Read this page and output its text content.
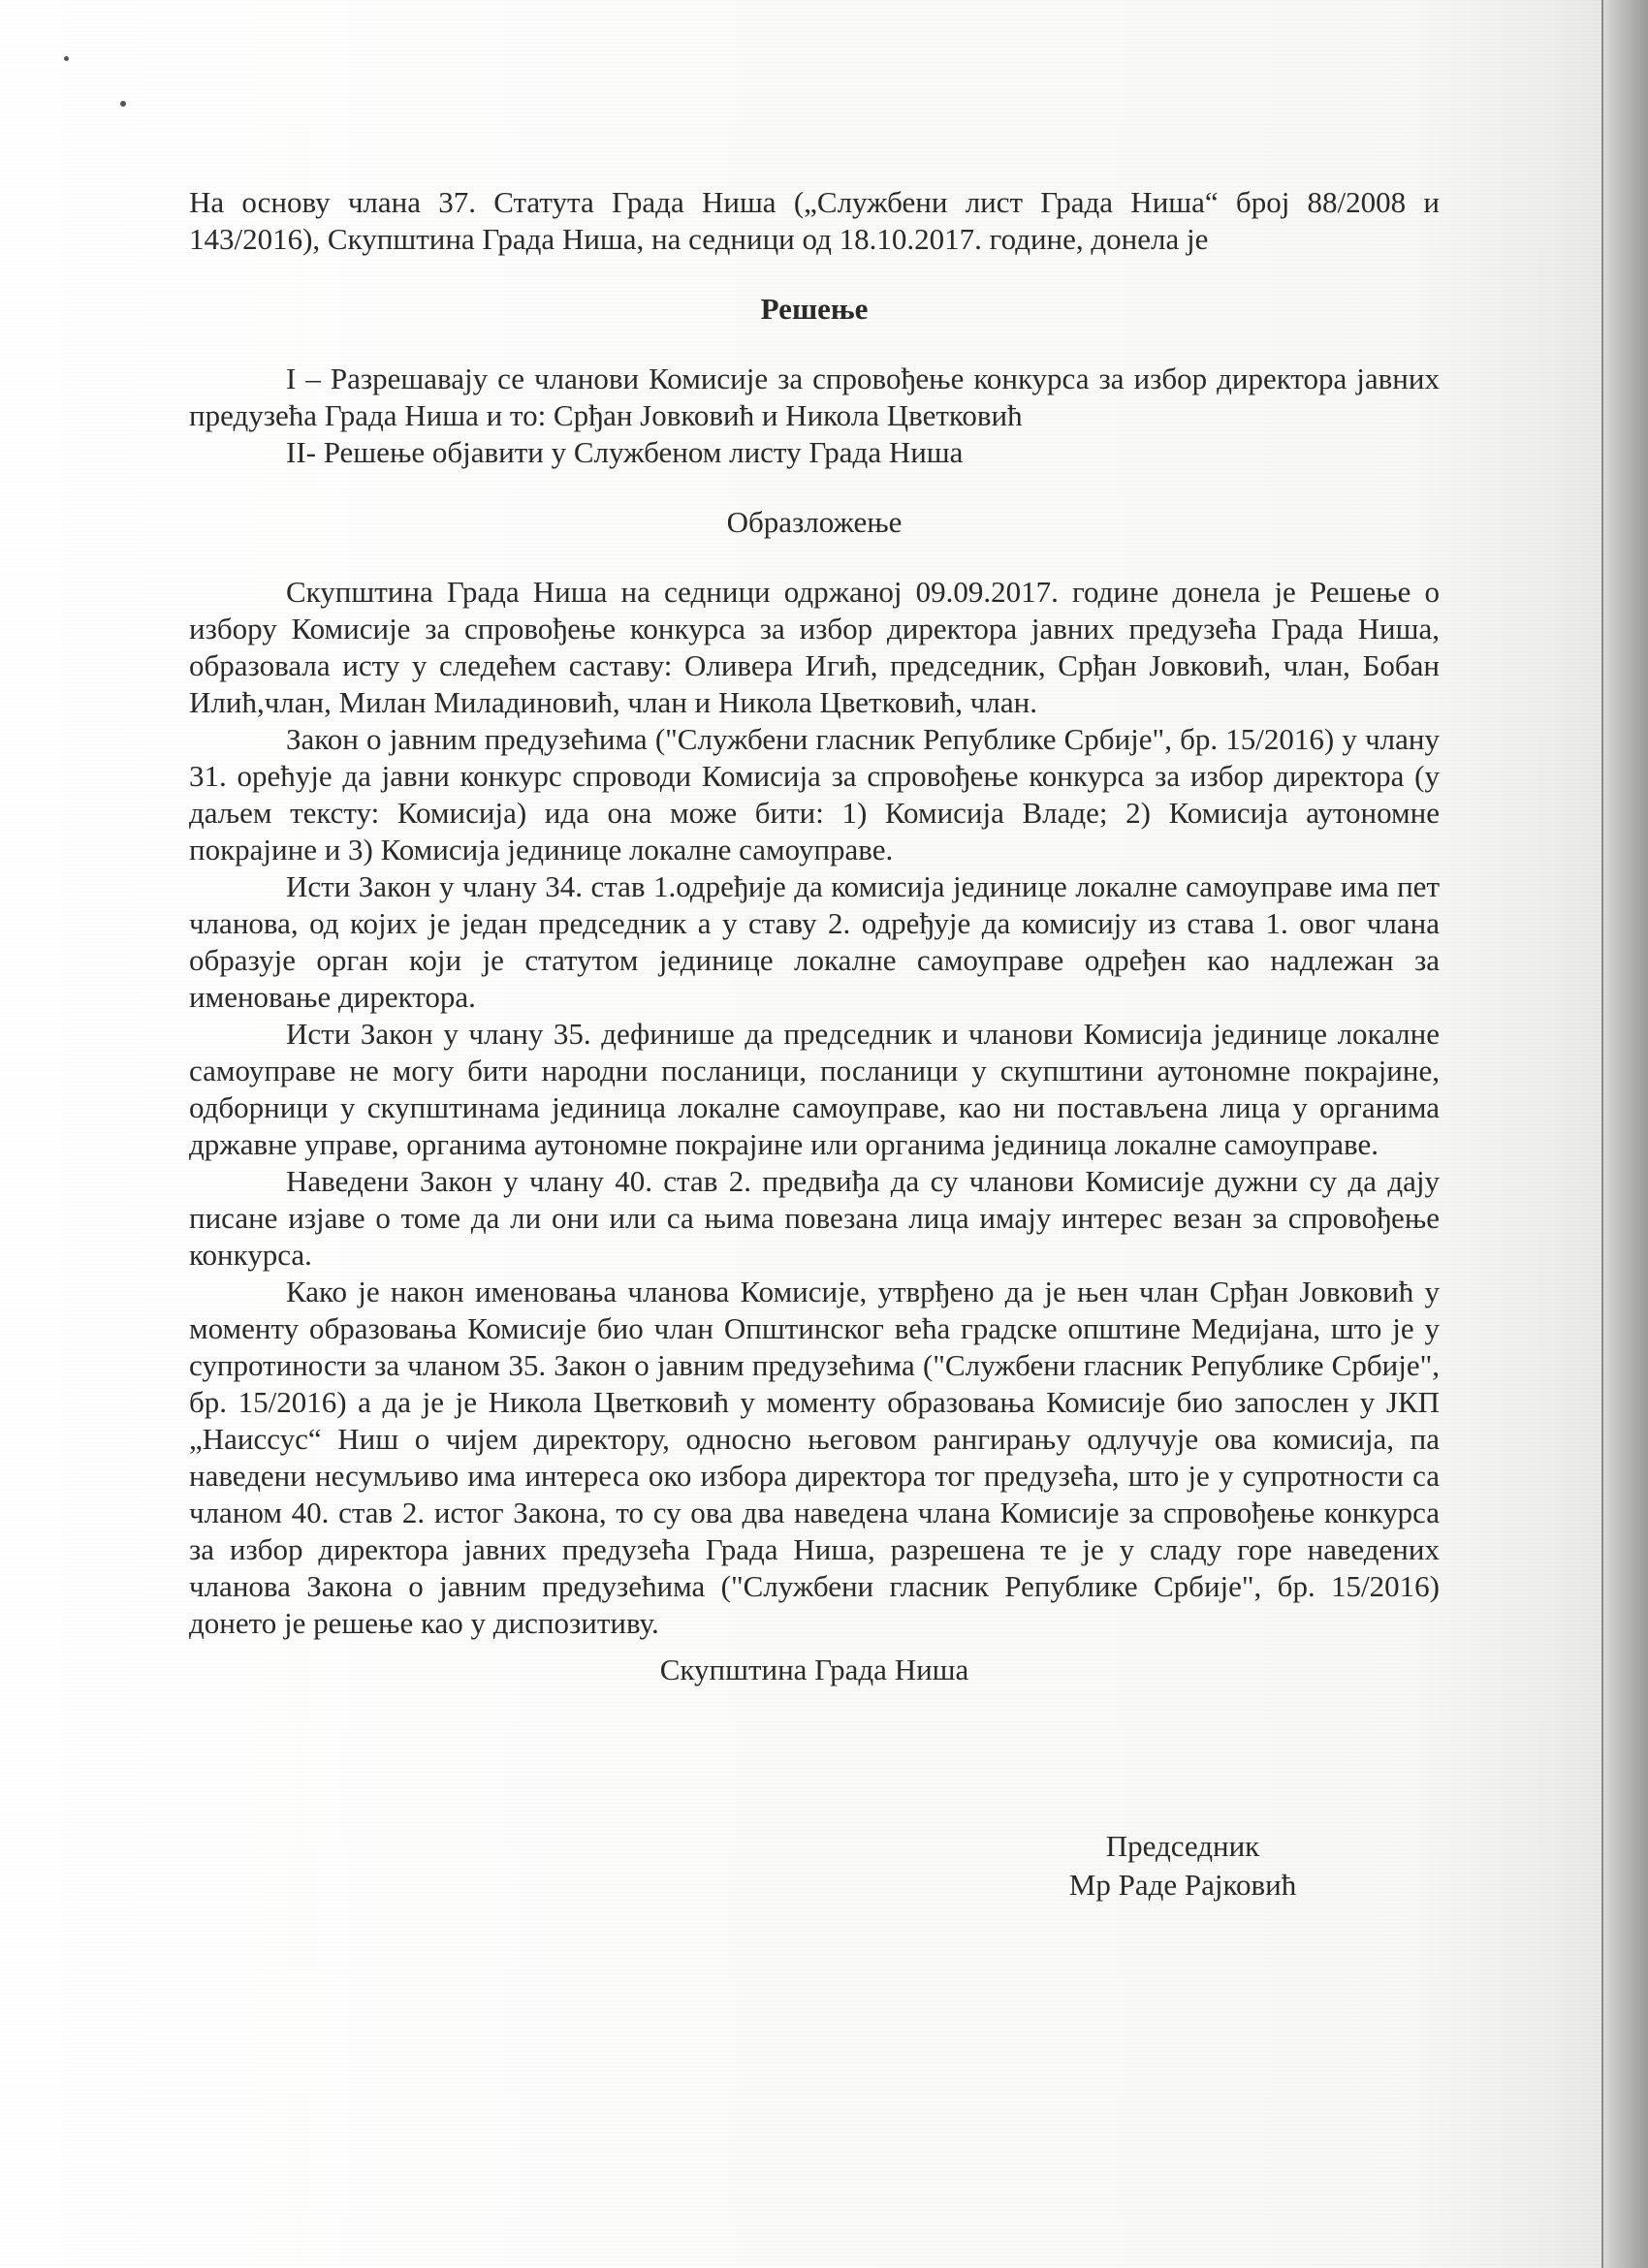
На основу члана 37. Статута Града Ниша („Службени лист Града Ниша“ број 88/2008 и 143/2016), Скупштина Града Ниша, на седници од 18.10.2017. године, донела је

Решење

I – Разрешавају се чланови Комисије за спровођење конкурса за избор директора јавних предузећа Града Ниша и то: Срђан Јовковић и Никола Цветковић

II- Решење објавити у Службеном листу Града Ниша

Образложење

Скупштина Града Ниша на седници одржаној 09.09.2017. године донела је Решење о избору Комисије за спровођење конкурса за избор директора јавних предузећа Града Ниша, образовала исту у следећем саставу: Оливера Игић, председник, Срђан Јовковић, члан, Бобан Илић,члан, Милан Миладиновић, члан и Никола Цветковић, члан.

Закон о јавним предузећима ("Службени гласник Републике Србије", бр. 15/2016) у члану 31. орећује да јавни конкурс спроводи Комисија за спровођење конкурса за избор директора (у даљем тексту: Комисија) ида она може бити: 1) Комисија Владе; 2) Комисија аутономне покрајине и 3) Комисија јединице локалне самоуправе.

Исти Закон у члану 34. став 1.одређије да комисија јединице локалне самоуправе има пет чланова, од којих је један председник а у ставу 2. одређује да комисију из става 1. овог члана образује орган који је статутом јединице локалне самоуправе одређен као надлежан за именовање директора.

Исти Закон у члану 35. дефинише да председник и чланови Комисија јединице локалне самоуправе не могу бити народни посланици, посланици у скупштини аутономне покрајине, одборници у скупштинама јединица локалне самоуправе, као ни постављена лица у органима државне управе, органима аутономне покрајине или органима јединица локалне самоуправе.

Наведени Закон у члану 40. став 2. предвиђа да су чланови Комисије дужни су да дају писане изјаве о томе да ли они или са њима повезана лица имају интерес везан за спровођење конкурса.

Како је након именовања чланова Комисије, утврђено да је њен члан Срђан Јовковић у моменту образовања Комисије био члан Општинског већа градске општине Медијана, што је у супротиности за чланом 35. Закон о јавним предузећима ("Службени гласник Републике Србије", бр. 15/2016) а да је је Никола Цветковић у моменту образовања Комисије био запослен у ЈКП „Наиссус“ Ниш о чијем директору, односно његовом рангирању одлучује ова комисија, па наведени несумљиво има интереса око избора директора тог предузећа, што је у супротности са чланом 40. став 2. истог Закона, то су ова два наведена члана Комисије за спровођење конкурса за избор директора јавних предузећа Града Ниша, разрешена те је у сладу горе наведених чланова Закона о јавним предузећима ("Службени гласник Републике Србије", бр. 15/2016) донето је решење као у диспозитиву.

Скупштина Града Ниша

Председник
Мр Раде Рајковић
